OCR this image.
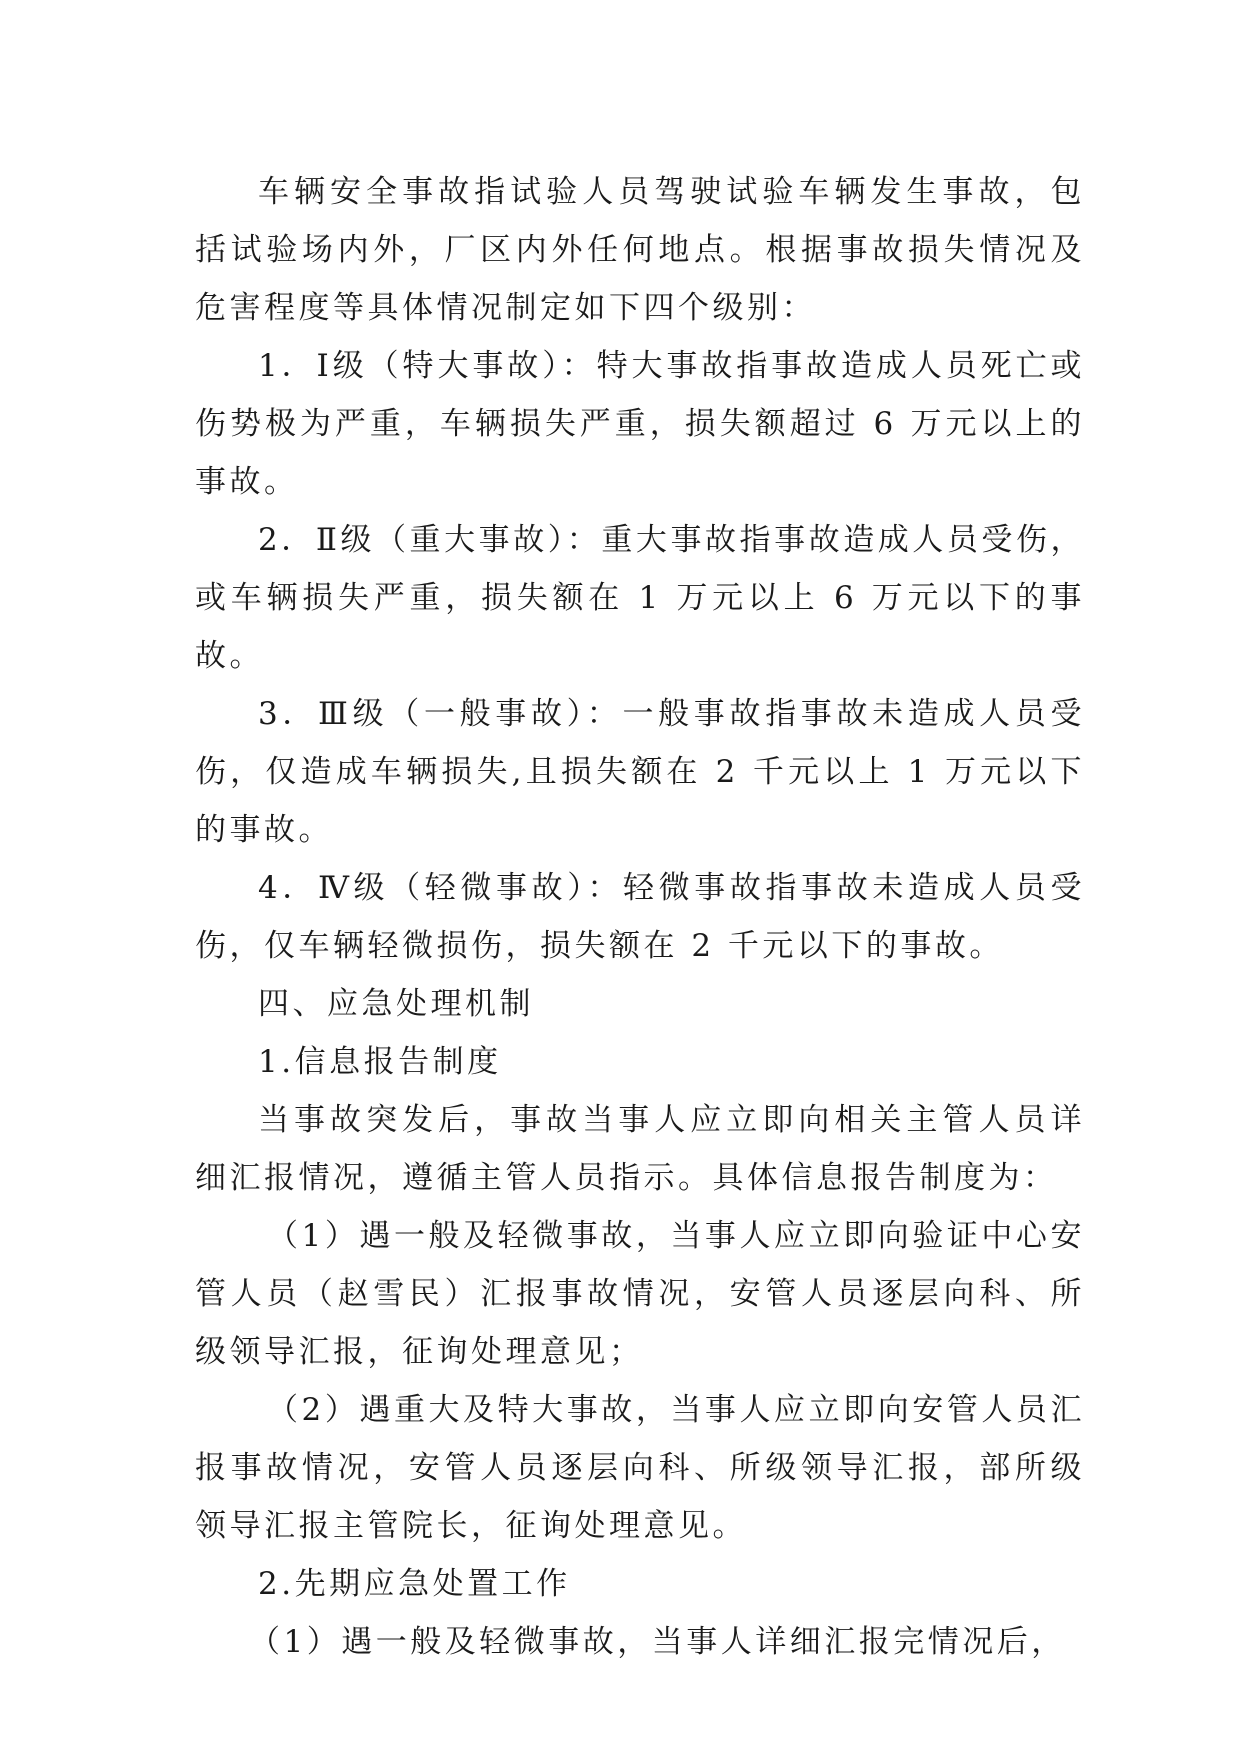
车辆安全事故指试验人员驾驶试验车辆发生事故，包括试验场内外，厂区内外任何地点。根据事故损失情况及危害程度等具体情况制定如下四个级别：

1．Ⅰ级（特大事故）：特大事故指事故造成人员死亡或伤势极为严重，车辆损失严重，损失额超过 6 万元以上的事故。

2．Ⅱ级（重大事故）：重大事故指事故造成人员受伤，或车辆损失严重，损失额在 1 万元以上 6 万元以下的事故。

3．Ⅲ级（一般事故）：一般事故指事故未造成人员受伤，仅造成车辆损失,且损失额在 2 千元以上 1 万元以下的事故。

4．Ⅳ级（轻微事故）：轻微事故指事故未造成人员受伤，仅车辆轻微损伤，损失额在 2 千元以下的事故。

四、应急处理机制

1.信息报告制度

当事故突发后，事故当事人应立即向相关主管人员详细汇报情况，遵循主管人员指示。具体信息报告制度为：

（1）遇一般及轻微事故，当事人应立即向验证中心安管人员（赵雪民）汇报事故情况，安管人员逐层向科、所级领导汇报，征询处理意见；

（2）遇重大及特大事故，当事人应立即向安管人员汇报事故情况，安管人员逐层向科、所级领导汇报，部所级领导汇报主管院长，征询处理意见。

2.先期应急处置工作

（1）遇一般及轻微事故，当事人详细汇报完情况后，
